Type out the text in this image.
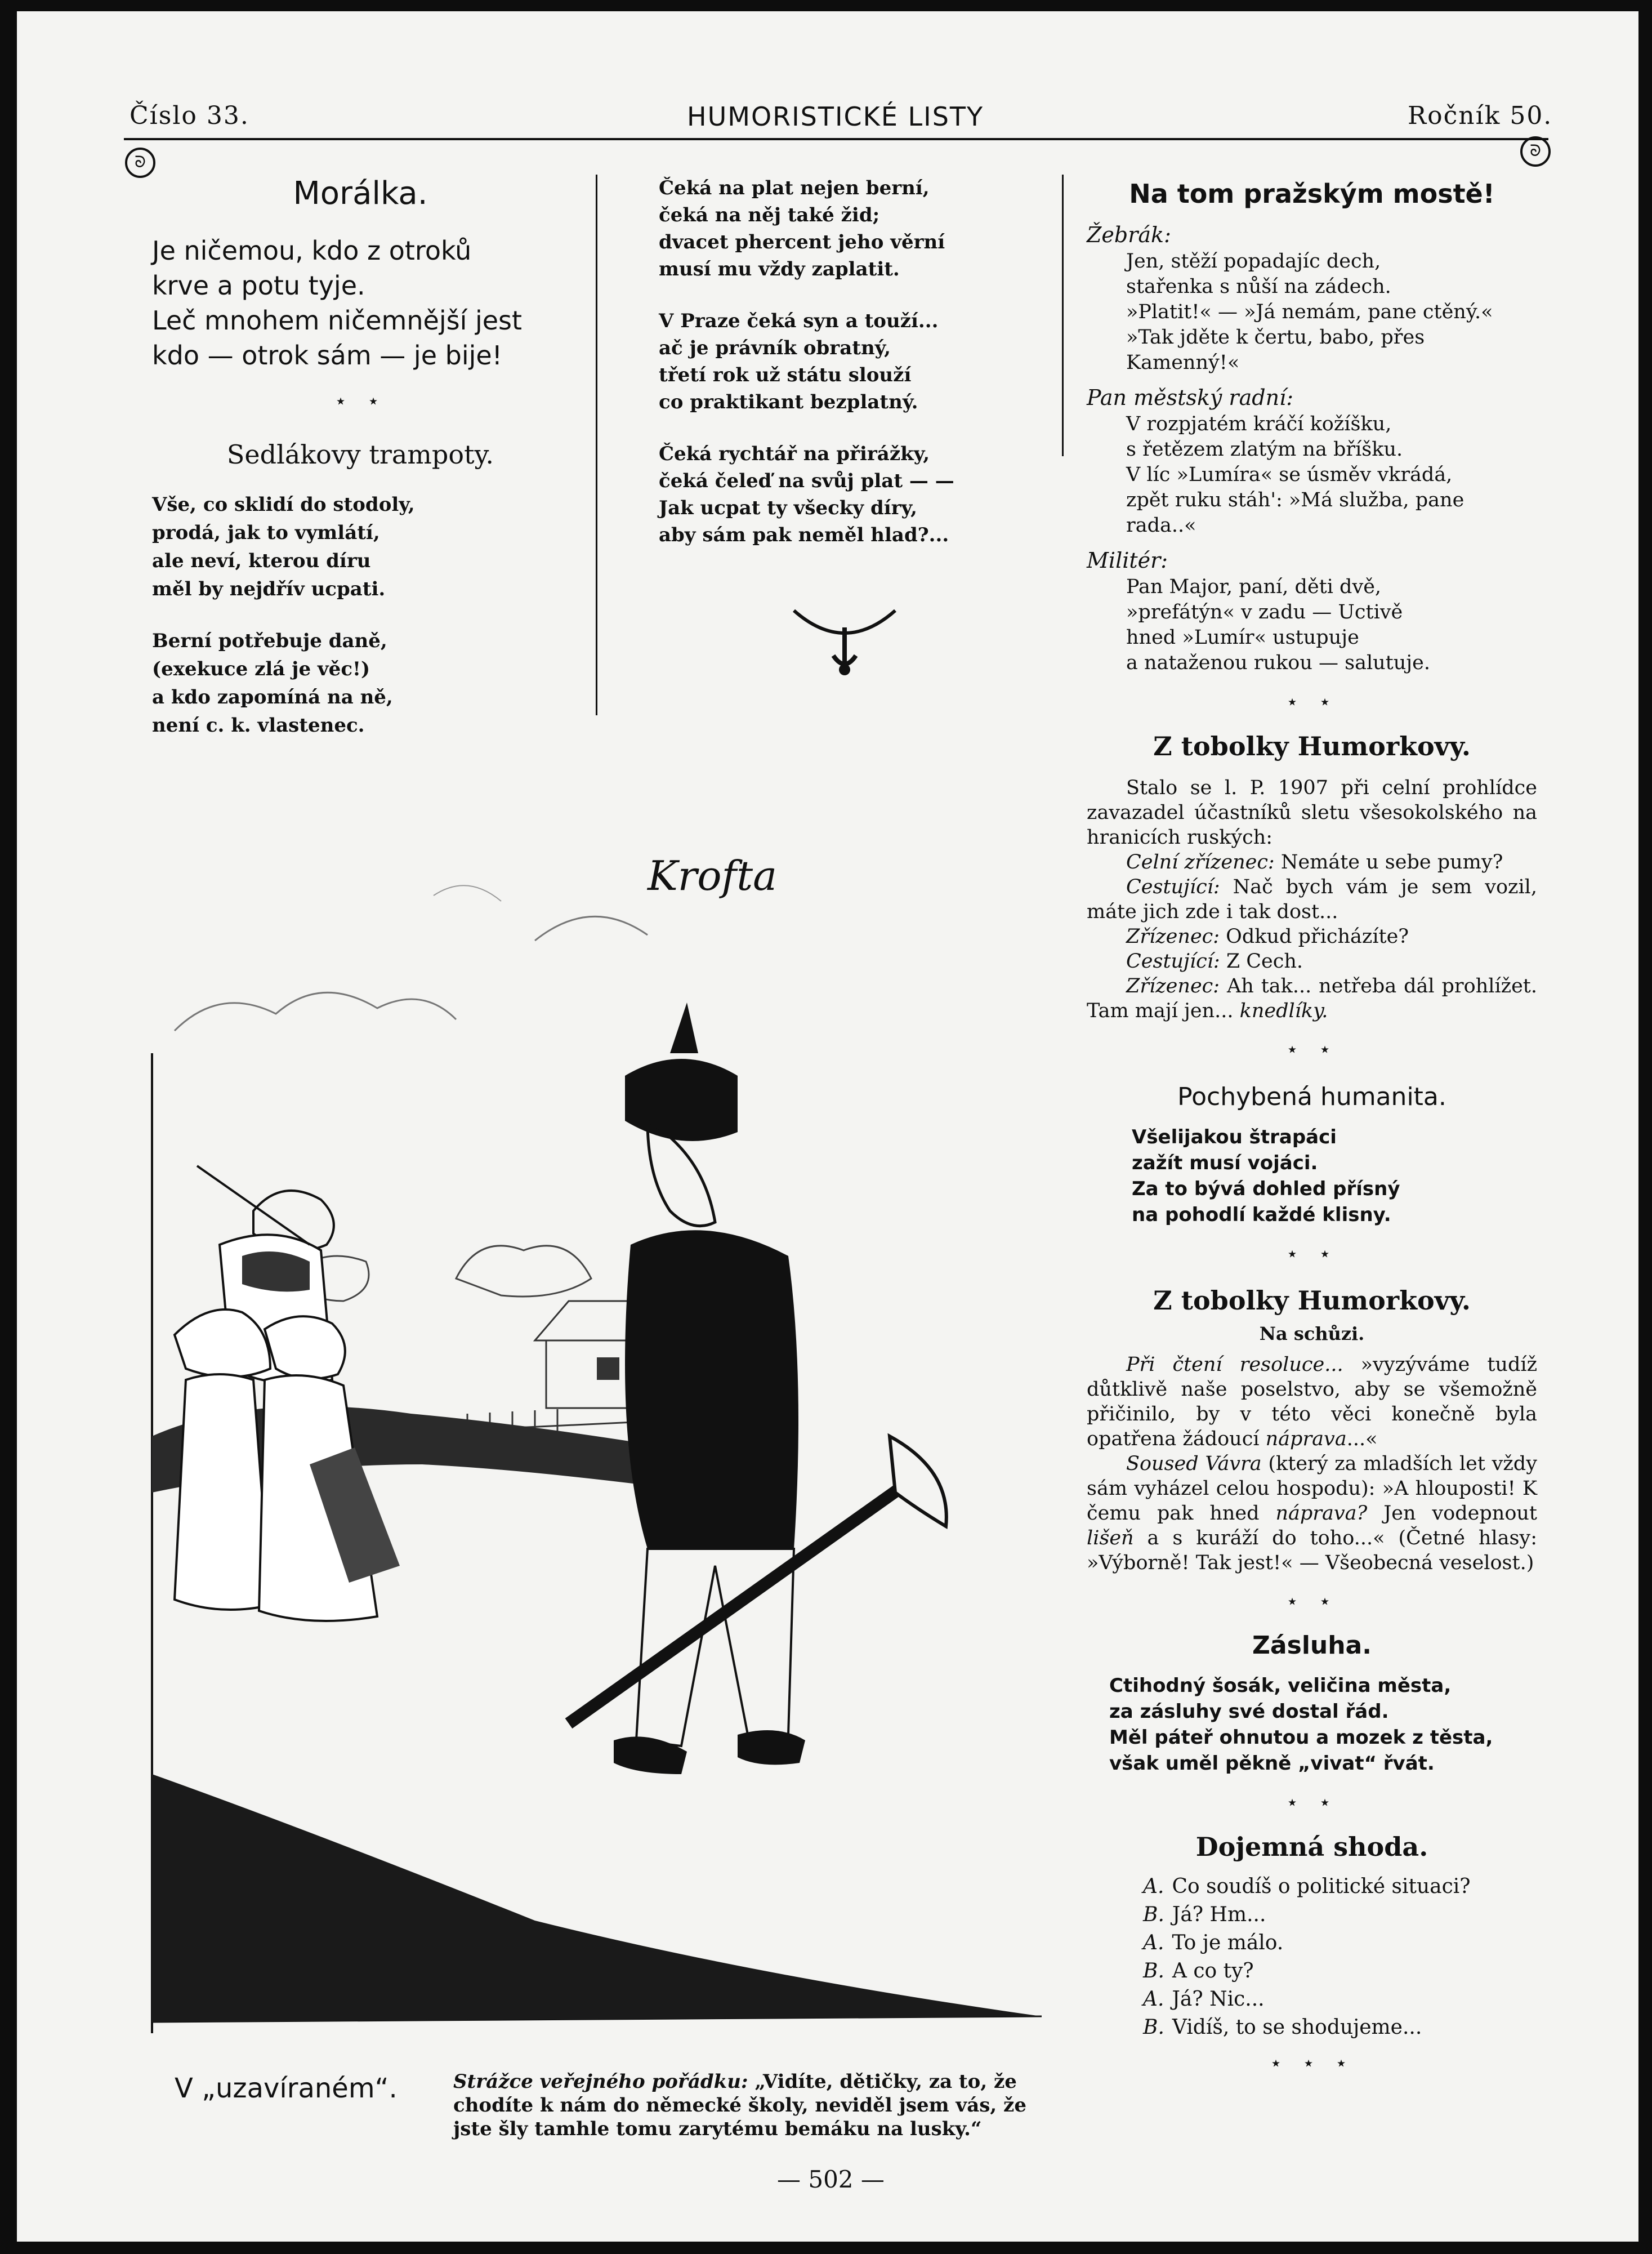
Číslo 33.	HUMORISTICKÉ LISTY	Ročník 50.
ᘐ
ᘐ
Morálka.
Je ničemou, kdo z otroků
krve a potu tyje.
Leč mnohem ničemnější jest
kdo — otrok sám — je bije!
⋆ ⋆
Sedlákovy trampoty.
Vše, co sklidí do stodoly,
prodá, jak to vymlátí,
ale neví, kterou díru
měl by nejdřív ucpati.
Berní potřebuje daně,
(exekuce zlá je věc!)
a kdo zapomíná na ně,
není c. k. vlastenec.
Čeká na plat nejen berní,
čeká na něj také žid;
dvacet phercent jeho věrní
musí mu vždy zaplatit.
V Praze čeká syn a touží...
ač je právník obratný,
třetí rok už státu slouží
co praktikant bezplatný.
Čeká rychtář na přirážky,
čeká čeleď na svůj plat — —
Jak ucpat ty všecky díry,
aby sám pak neměl hlad?...
Na tom pražským mostě!
Žebrák:
Jen, stěží popadajíc dech,
stařenka s nůší na zádech.
»Platit!« — »Já nemám, pane ctěný.«
»Tak jděte k čertu, babo, přes Kamenný!«
Pan městský radní:
V rozpjatém kráčí kožíšku,
s řetězem zlatým na bříšku.
V líc »Lumíra« se úsměv vkrádá,
zpět ruku stáh': »Má služba, pane rada..«
Militér:
Pan Major, paní, děti dvě,
»prefátýn« v zadu — Uctivě
hned »Lumír« ustupuje
a nataženou rukou — salutuje.
⋆ ⋆
Z tobolky Humorkovy.
Stalo se l. P. 1907 při celní prohlídce zavazadel účastníků sletu všesokolského na hranicích ruských:
Celní zřízenec: Nemáte u sebe pumy?
Cestující: Nač bych vám je sem vozil, máte jich zde i tak dost...
Zřízenec: Odkud přicházíte?
Cestující: Z Cech.
Zřízenec: Ah tak... netřeba dál prohlížet. Tam mají jen... knedlíky.
⋆ ⋆
Pochybená humanita.
Všelijakou štrapáci
zažít musí vojáci.
Za to bývá dohled přísný
na pohodlí každé klisny.
⋆ ⋆
Z tobolky Humorkovy.
Na schůzi.
Při čtení resoluce... »vyzýváme tudíž důtklivě naše poselstvo, aby se všemožně přičinilo, by v této věci konečně byla opatřena žádoucí náprava...«
Soused Vávra (který za mladších let vždy sám vyházel celou hospodu): »A hlouposti! K čemu pak hned náprava? Jen vodepnout lišeň a s kuráží do toho...« (Četné hlasy: »Výborně! Tak jest!« — Všeobecná veselost.)
⋆ ⋆
Zásluha.
Ctihodný šosák, veličina města,
za zásluhy své dostal řád.
Měl páteř ohnutou a mozek z těsta,
však uměl pěkně „vivat“ řvát.
⋆ ⋆
Dojemná shoda.
A. Co soudíš o politické situaci?
B. Já? Hm...
A. To je málo.
B. A co ty?
A. Já? Nic...
B. Vidíš, to se shodujeme...
⋆ ⋆ ⋆
Krofta
V „uzavíraném“.	Strážce veřejného pořádku: „Vidíte, dětičky, za to, že chodíte k nám do německé školy, neviděl jsem vás, že jste šly tamhle tomu zarytému bemáku na lusky.“
— 502 —
